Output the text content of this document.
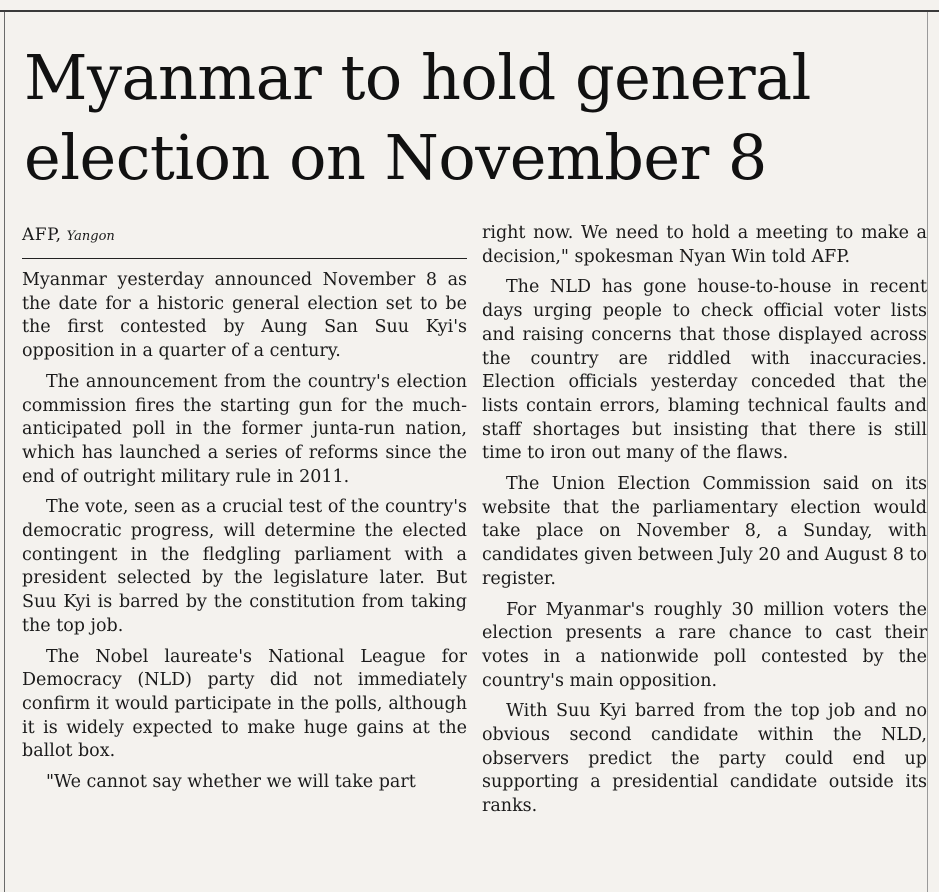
Myanmar to hold general election on November 8
AFP, Yangon

Myanmar yesterday announced November 8 as the date for a historic general election set to be the first contested by Aung San Suu Kyi's opposition in a quarter of a century.

The announcement from the country's election commission fires the starting gun for the much-anticipated poll in the former junta-run nation, which has launched a series of reforms since the end of outright military rule in 2011.

The vote, seen as a crucial test of the country's democratic progress, will determine the elected contingent in the fledgling parliament with a president selected by the legislature later. But Suu Kyi is barred by the constitution from taking the top job.

The Nobel laureate's National League for Democracy (NLD) party did not immediately confirm it would participate in the polls, although it is widely expected to make huge gains at the ballot box.

"We cannot say whether we will take part

right now. We need to hold a meeting to make a decision," spokesman Nyan Win told AFP.

The NLD has gone house-to-house in recent days urging people to check official voter lists and raising concerns that those displayed across the country are riddled with inaccuracies. Election officials yesterday conceded that the lists contain errors, blaming technical faults and staff shortages but insisting that there is still time to iron out many of the flaws.

The Union Election Commission said on its website that the parliamentary election would take place on November 8, a Sunday, with candidates given between July 20 and August 8 to register.

For Myanmar's roughly 30 million voters the election presents a rare chance to cast their votes in a nationwide poll contested by the country's main opposition.

With Suu Kyi barred from the top job and no obvious second candidate within the NLD, observers predict the party could end up supporting a presidential candidate outside its ranks.
